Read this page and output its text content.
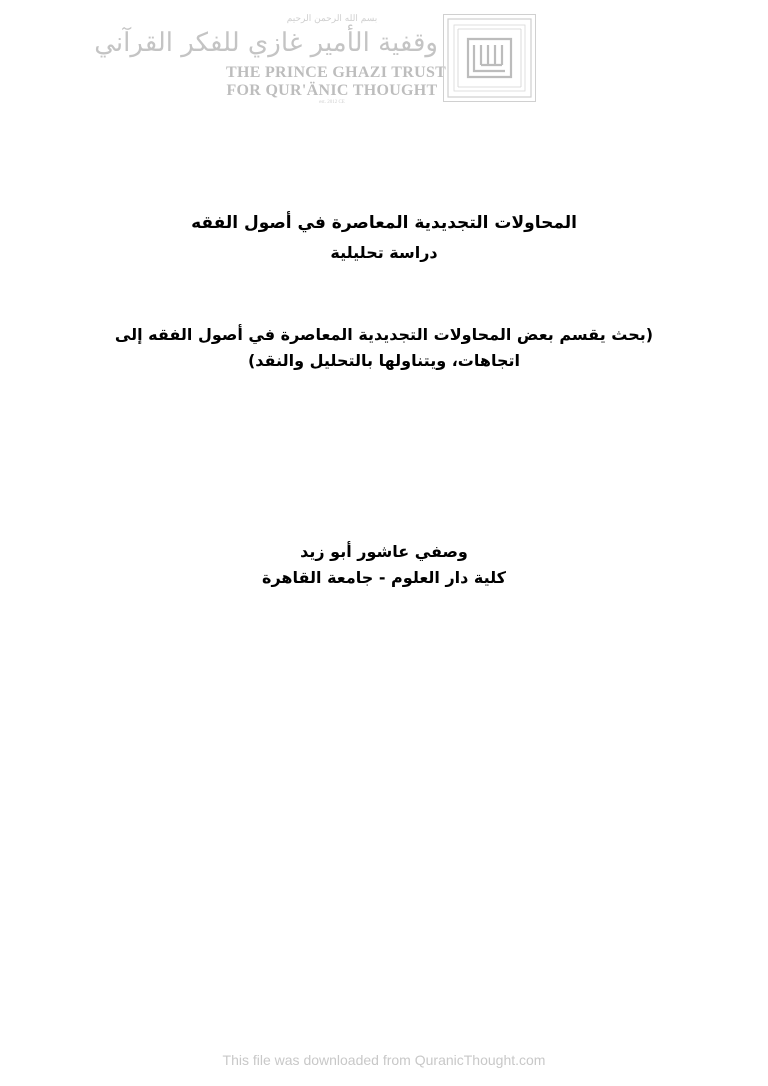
بسم الله الرحمن الرحيم
وقفية الأمير غازي للفكر القرآني
THE PRINCE GHAZI TRUST
FOR QUR'ÄNIC THOUGHT
est. 2012 CE
المحاولات التجديدية المعاصرة في أصول الفقه
دراسة تحليلية
(بحث يقسم بعض المحاولات التجديدية المعاصرة في أصول الفقه إلى
اتجاهات، ويتناولها بالتحليل والنقد)
وصفي عاشور أبو زيد
كلية دار العلوم - جامعة القاهرة
This file was downloaded from QuranicThought.com
